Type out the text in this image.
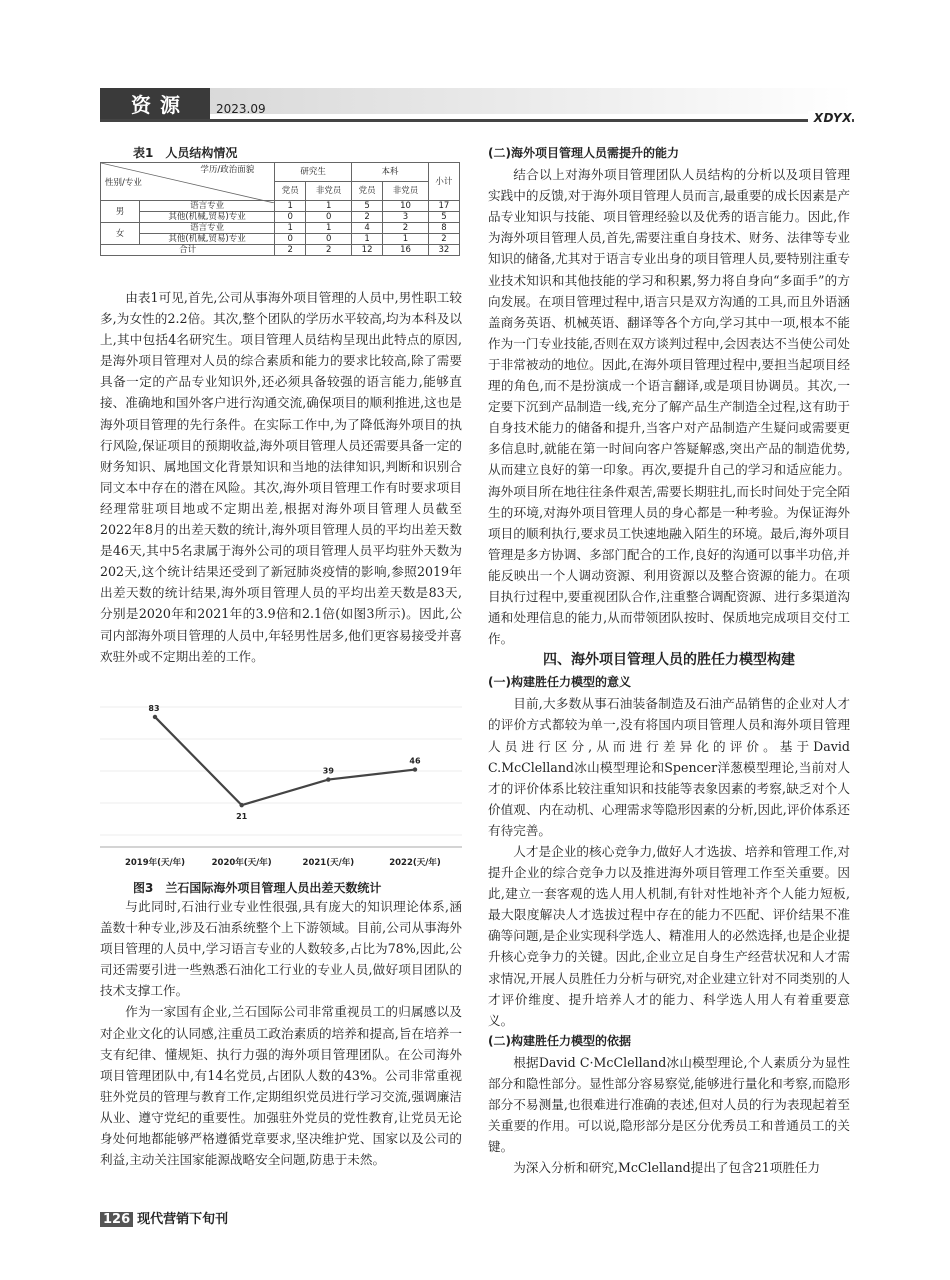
资源	2023.09
XDYX
表1　人员结构情况
学历/政治面貌
性别/专业		研究生		本科		小计
		党员	非党员	党员	非党员	
男	语言专业	1	1	5	10	17
	其他(机械,贸易)专业	0	0	2	3	5
女	语言专业	1	1	4	2	8
	其他(机械,贸易)专业	0	0	1	1	2
合计		2	2	12	16	32

由表1可见,首先,公司从事海外项目管理的人员中,男性职工较多,为女性的2.2倍。其次,整个团队的学历水平较高,均为本科及以上,其中包括4名研究生。项目管理人员结构呈现出此特点的原因,是海外项目管理对人员的综合素质和能力的要求比较高,除了需要具备一定的产品专业知识外,还必须具备较强的语言能力,能够直接、准确地和国外客户进行沟通交流,确保项目的顺利推进,这也是海外项目管理的先行条件。在实际工作中,为了降低海外项目的执行风险,保证项目的预期收益,海外项目管理人员还需要具备一定的财务知识、属地国文化背景知识和当地的法律知识,判断和识别合同文本中存在的潜在风险。其次,海外项目管理工作有时要求项目经理常驻项目地或不定期出差,根据对海外项目管理人员截至2022年8月的出差天数的统计,海外项目管理人员的平均出差天数是46天,其中5名隶属于海外公司的项目管理人员平均驻外天数为202天,这个统计结果还受到了新冠肺炎疫情的影响,参照2019年出差天数的统计结果,海外项目管理人员的平均出差天数是83天,分别是2020年和2021年的3.9倍和2.1倍(如图3所示)。因此,公司内部海外项目管理的人员中,年轻男性居多,他们更容易接受并喜欢驻外或不定期出差的工作。

83
2019年(天/年)
21
2020年(天/年)
39
2021(天/年)
46
2022(天/年)
图3　兰石国际海外项目管理人员出差天数统计

与此同时,石油行业专业性很强,具有庞大的知识理论体系,涵盖数十种专业,涉及石油系统整个上下游领域。目前,公司从事海外项目管理的人员中,学习语言专业的人数较多,占比为78%,因此,公司还需要引进一些熟悉石油化工行业的专业人员,做好项目团队的技术支撑工作。

作为一家国有企业,兰石国际公司非常重视员工的归属感以及对企业文化的认同感,注重员工政治素质的培养和提高,旨在培养一支有纪律、懂规矩、执行力强的海外项目管理团队。在公司海外项目管理团队中,有14名党员,占团队人数的43%。公司非常重视驻外党员的管理与教育工作,定期组织党员进行学习交流,强调廉洁从业、遵守党纪的重要性。加强驻外党员的党性教育,让党员无论身处何地都能够严格遵循党章要求,坚决维护党、国家以及公司的利益,主动关注国家能源战略安全问题,防患于未然。

(二)海外项目管理人员需提升的能力

结合以上对海外项目管理团队人员结构的分析以及项目管理实践中的反馈,对于海外项目管理人员而言,最重要的成长因素是产品专业知识与技能、项目管理经验以及优秀的语言能力。因此,作为海外项目管理人员,首先,需要注重自身技术、财务、法律等专业知识的储备,尤其对于语言专业出身的项目管理人员,要特别注重专业技术知识和其他技能的学习和积累,努力将自身向“多面手”的方向发展。在项目管理过程中,语言只是双方沟通的工具,而且外语涵盖商务英语、机械英语、翻译等各个方向,学习其中一项,根本不能作为一门专业技能,否则在双方谈判过程中,会因表达不当使公司处于非常被动的地位。因此,在海外项目管理过程中,要担当起项目经理的角色,而不是扮演成一个语言翻译,或是项目协调员。其次,一定要下沉到产品制造一线,充分了解产品生产制造全过程,这有助于自身技术能力的储备和提升,当客户对产品制造产生疑问或需要更多信息时,就能在第一时间向客户答疑解惑,突出产品的制造优势,从而建立良好的第一印象。再次,要提升自己的学习和适应能力。海外项目所在地往往条件艰苦,需要长期驻扎,而长时间处于完全陌生的环境,对海外项目管理人员的身心都是一种考验。为保证海外项目的顺利执行,要求员工快速地融入陌生的环境。最后,海外项目管理是多方协调、多部门配合的工作,良好的沟通可以事半功倍,并能反映出一个人调动资源、利用资源以及整合资源的能力。在项目执行过程中,要重视团队合作,注重整合调配资源、进行多渠道沟通和处理信息的能力,从而带领团队按时、保质地完成项目交付工作。

四、海外项目管理人员的胜任力模型构建
(一)构建胜任力模型的意义

目前,大多数从事石油装备制造及石油产品销售的企业对人才的评价方式都较为单一,没有将国内项目管理人员和海外项目管理人员进行区分,从而进行差异化的评价。基于David C.McClelland冰山模型理论和Spencer洋葱模型理论,当前对人才的评价体系比较注重知识和技能等表象因素的考察,缺乏对个人价值观、内在动机、心理需求等隐形因素的分析,因此,评价体系还有待完善。

人才是企业的核心竞争力,做好人才选拔、培养和管理工作,对提升企业的综合竞争力以及推进海外项目管理工作至关重要。因此,建立一套客观的选人用人机制,有针对性地补齐个人能力短板,最大限度解决人才选拔过程中存在的能力不匹配、评价结果不准确等问题,是企业实现科学选人、精准用人的必然选择,也是企业提升核心竞争力的关键。因此,企业立足自身生产经营状况和人才需求情况,开展人员胜任力分析与研究,对企业建立针对不同类别的人才评价维度、提升培养人才的能力、科学选人用人有着重要意义。

(二)构建胜任力模型的依据

根据David C·McClelland冰山模型理论,个人素质分为显性部分和隐性部分。显性部分容易察觉,能够进行量化和考察,而隐形部分不易测量,也很难进行准确的表述,但对人员的行为表现起着至关重要的作用。可以说,隐形部分是区分优秀员工和普通员工的关键。

为深入分析和研究,McClelland提出了包含21项胜任力

126 现代营销下旬刊
